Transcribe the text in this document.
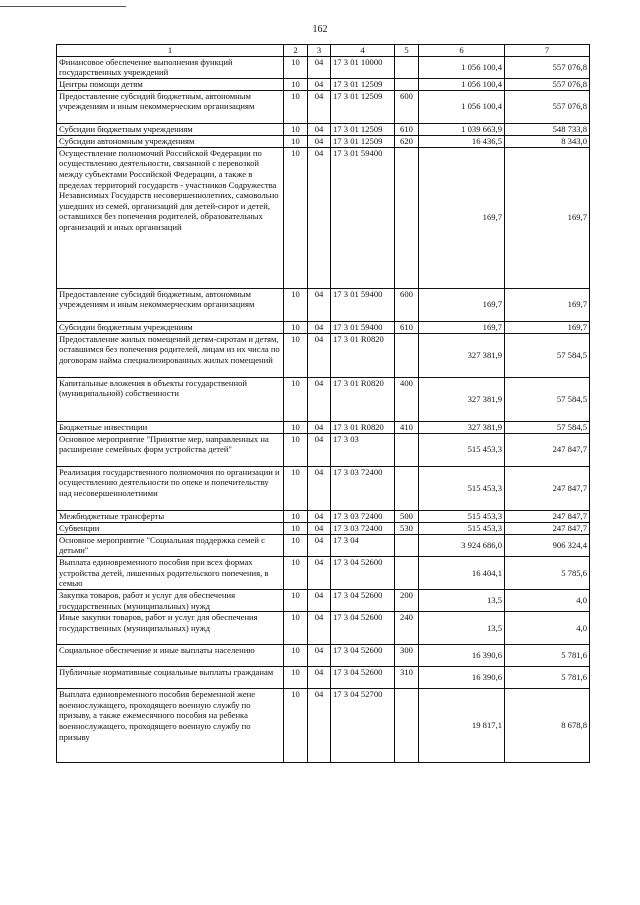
162
1	2	3	4	5	6	7
Финансовое обеспечение выполнения функций государственных учреждений	10	04	17 3 01 10000		1 056 100,4	557 076,8
Центры помощи детям	10	04	17 3 01 12509		1 056 100,4	557 076,8
Предоставление субсидий бюджетным, автономным учреждениям и иным некоммерческим организациям	10	04	17 3 01 12509	600	1 056 100,4	557 076,8
Субсидии бюджетным учреждениям	10	04	17 3 01 12509	610	1 039 663,9	548 733,8
Субсидии автономным учреждениям	10	04	17 3 01 12509	620	16 436,5	8 343,0
Осуществление полномочий Российской Федерации по осуществлению деятельности, связанной с перевозкой между субъектами Российской Федерации, а также в пределах территорий государств - участников Содружества Независимых Государств несовершеннолетних, самовольно ушедших из семей, организаций для детей-сирот и детей, оставшихся без попечения родителей, образовательных организаций и иных организаций	10	04	17 3 01 59400		169,7	169,7
Предоставление субсидий бюджетным, автономным учреждениям и иным некоммерческим организациям	10	04	17 3 01 59400	600	169,7	169,7
Субсидии бюджетным учреждениям	10	04	17 3 01 59400	610	169,7	169,7
Предоставление жилых помещений детям-сиротам и детям, оставшимся без попечения родителей, лицам из их числа по договорам найма специализированных жилых помещений	10	04	17 3 01 R0820		327 381,9	57 584,5
Капитальные вложения в объекты государственной (муниципальной) собственности	10	04	17 3 01 R0820	400	327 381,9	57 584,5
Бюджетные инвестиции	10	04	17 3 01 R0820	410	327 381,9	57 584,5
Основное мероприятие "Принятие мер, направленных на расширение семейных форм устройства детей"	10	04	17 3 03		515 453,3	247 847,7
Реализация государственного полномочия по организации и осуществлению деятельности по опеке и попечительству над несовершеннолетними	10	04	17 3 03 72400		515 453,3	247 847,7
Межбюджетные трансферты	10	04	17 3 03 72400	500	515 453,3	247 847,7
Субвенции	10	04	17 3 03 72400	530	515 453,3	247 847,7
Основное мероприятие "Социальная поддержка семей с детьми"	10	04	17 3 04		3 924 686,0	906 324,4
Выплата единовременного пособия при всех формах устройства детей, лишенных родительского попечения, в семью	10	04	17 3 04 52600		16 404,1	5 785,6
Закупка товаров, работ и услуг для обеспечения государственных (муниципальных) нужд	10	04	17 3 04 52600	200	13,5	4,0
Иные закупки товаров, работ и услуг для обеспечения государственных (муниципальных) нужд	10	04	17 3 04 52600	240	13,5	4,0
Социальное обеспечение и иные выплаты населению	10	04	17 3 04 52600	300	16 390,6	5 781,6
Публичные нормативные социальные выплаты гражданам	10	04	17 3 04 52600	310	16 390,6	5 781,6
Выплата единовременного пособия беременной жене военнослужащего, проходящего военную службу по призыву, а также ежемесячного пособия на ребенка военнослужащего, проходящего военную службу по призыву	10	04	17 3 04 52700		19 817,1	8 678,8
